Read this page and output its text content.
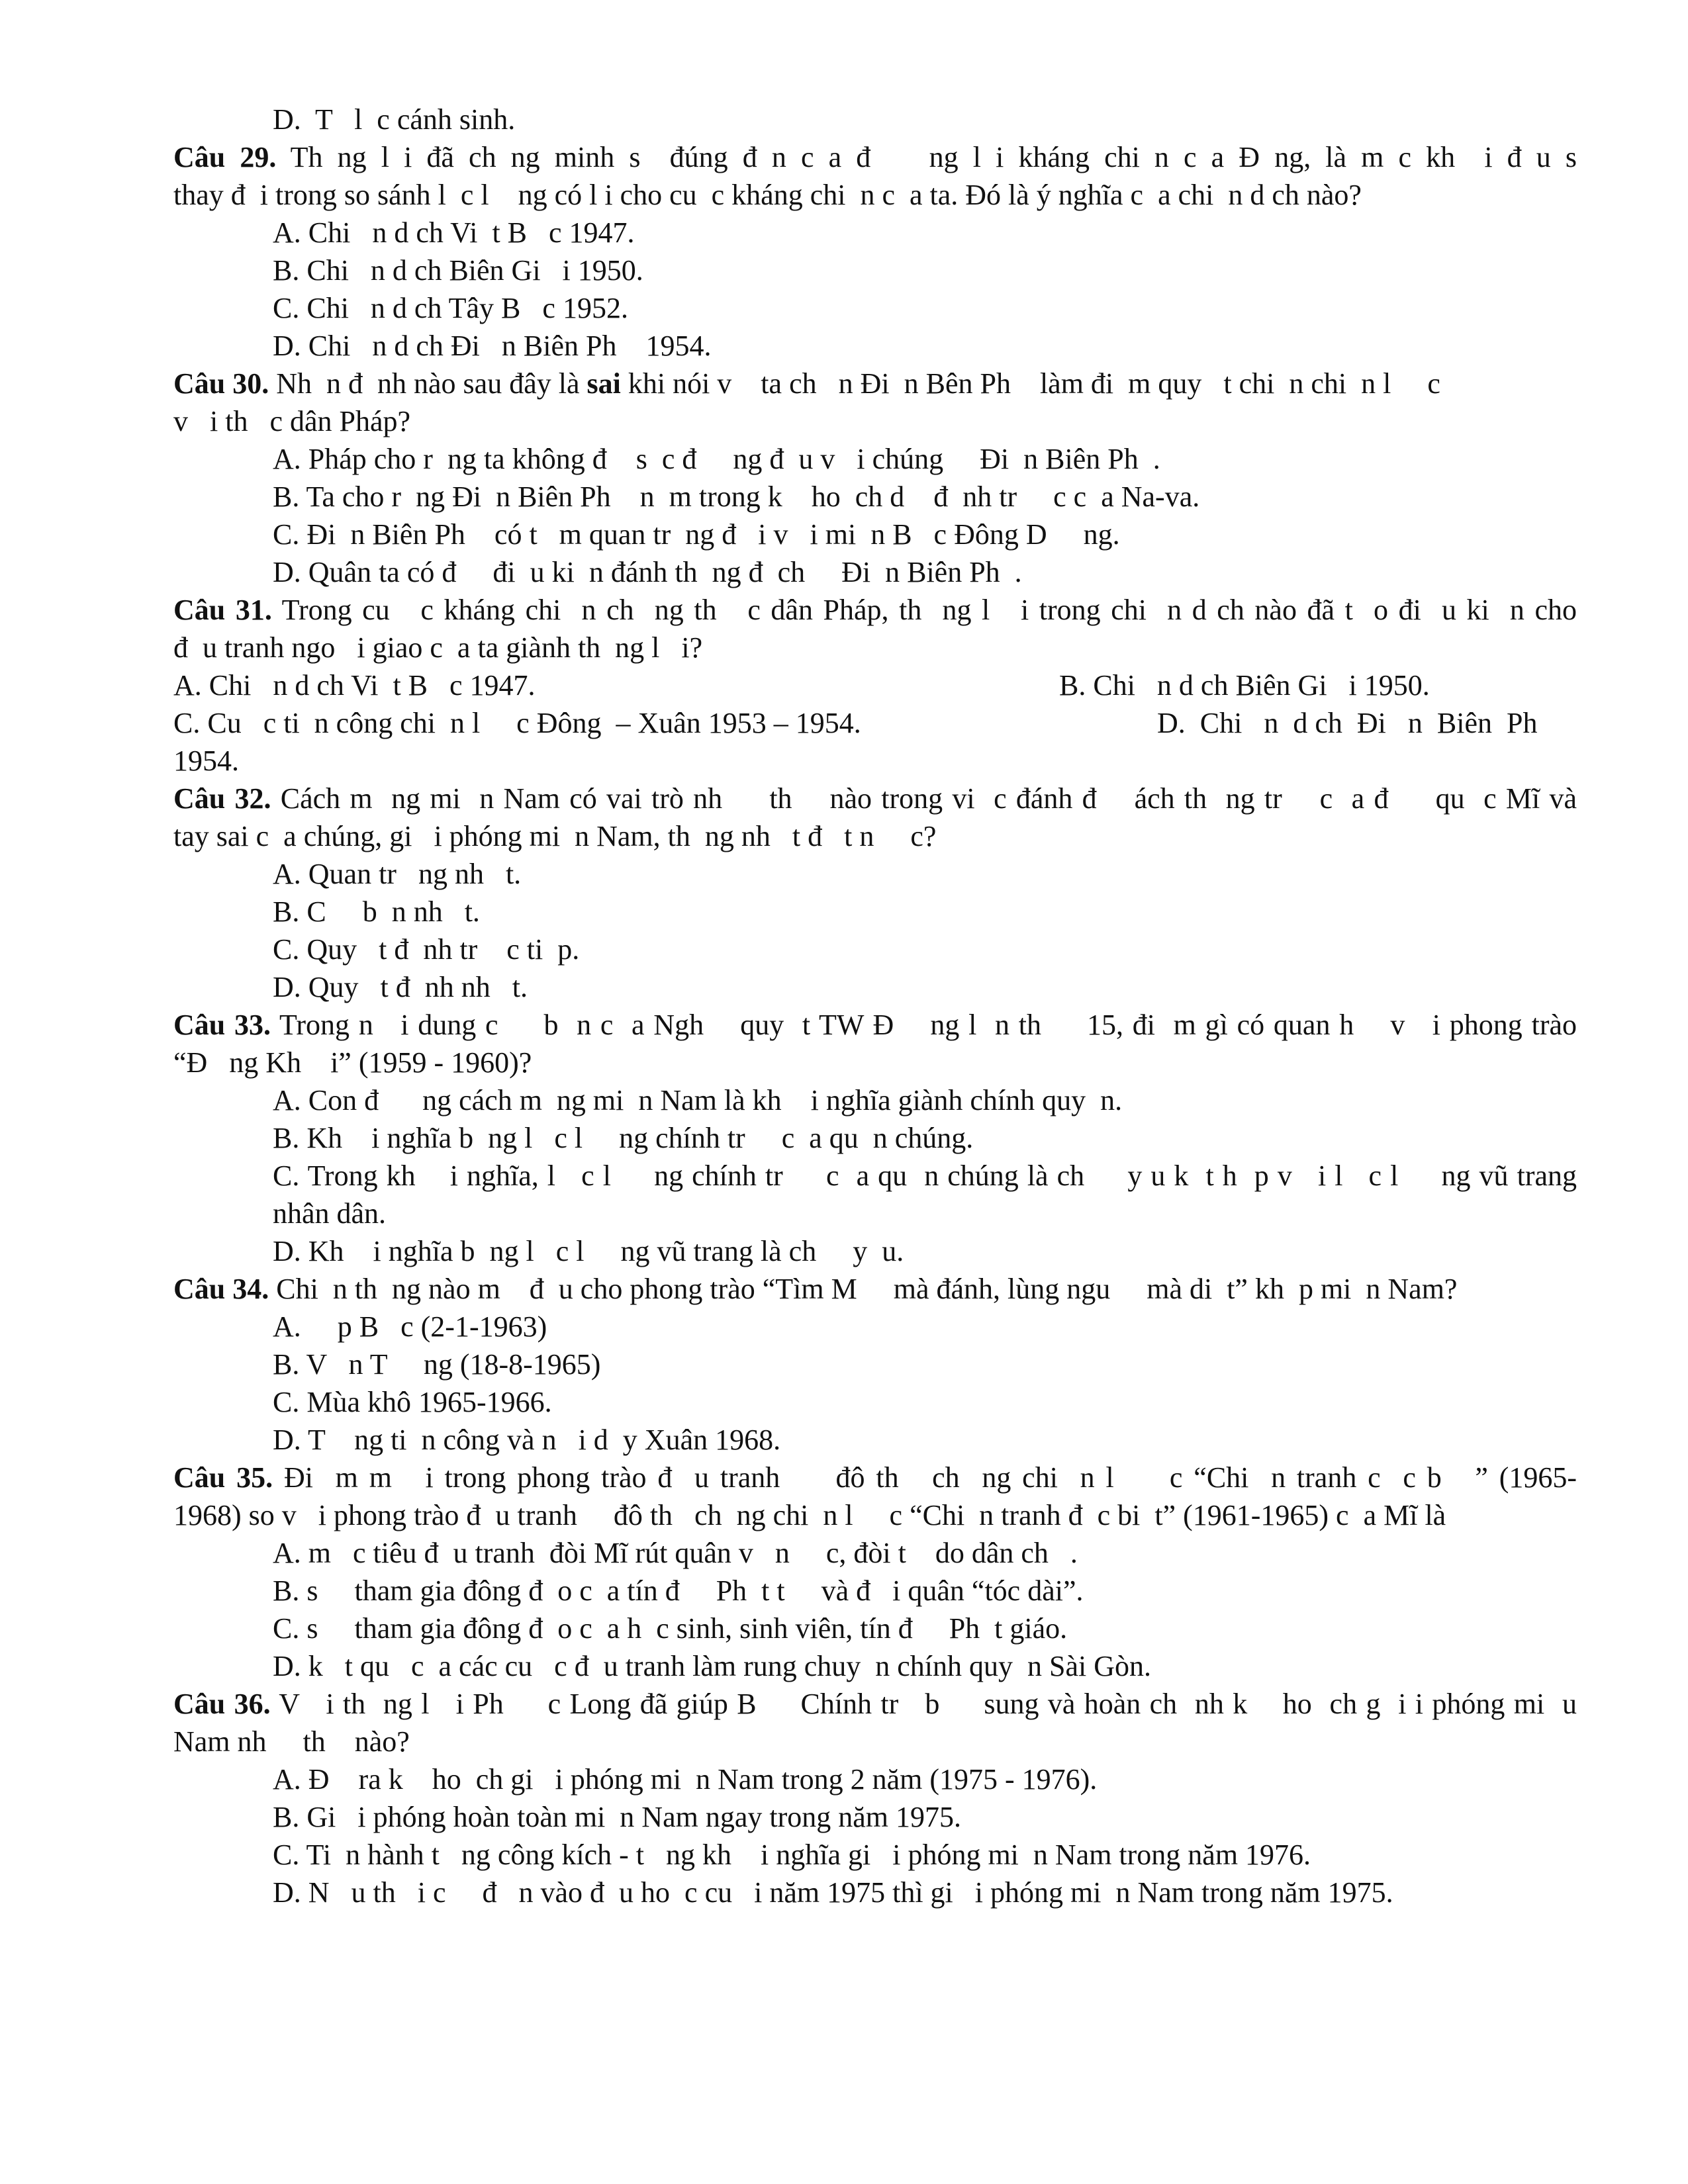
D.  T   l  c cánh sinh.
Câu 29. Th ng l i đã ch ng minh s  đúng đ n c a đ    ng l i kháng chi n c a Đ ng, là m c kh  i đ u s
thay đ  i trong so sánh l  c l    ng có l i cho cu  c kháng chi  n c  a ta. Đó là ý nghĩa c  a chi  n d ch nào?
A. Chi   n d ch Vi  t B   c 1947.
B. Chi   n d ch Biên Gi   i 1950.
C. Chi   n d ch Tây B   c 1952.
D. Chi   n d ch Đi   n Biên Ph    1954.
Câu 30. Nh  n đ  nh nào sau đây là sai khi nói v    ta ch   n Đi  n Bên Ph    làm đi  m quy   t chi  n chi  n l     c
v   i th   c dân Pháp?
A. Pháp cho r  ng ta không đ    s  c đ     ng đ  u v   i chúng     Đi  n Biên Ph  .
B. Ta cho r  ng Đi  n Biên Ph    n  m trong k    ho  ch d    đ  nh tr     c c  a Na-va.
C. Đi  n Biên Ph    có t   m quan tr  ng đ   i v   i mi  n B   c Đông D     ng.
D. Quân ta có đ     đi  u ki  n đánh th  ng đ  ch     Đi  n Biên Ph  .
Câu 31. Trong cu   c kháng chi  n ch  ng th   c dân Pháp, th  ng l   i trong chi  n d ch nào đã t  o đi  u ki  n cho
đ  u tranh ngo   i giao c  a ta giành th  ng l   i?
A. Chi   n d ch Vi  t B   c 1947.	B. Chi   n d ch Biên Gi   i 1950.
C. Cu   c ti  n công chi  n l     c Đông  – Xuân 1953 – 1954.	D.  Chi   n  d ch  Đi   n  Biên  Ph
1954.
Câu 32. Cách m  ng mi  n Nam có vai trò nh     th    nào trong vi  c đánh đ    ách th  ng tr    c  a đ     qu  c Mĩ và
tay sai c  a chúng, gi   i phóng mi  n Nam, th  ng nh   t đ   t n     c?
A. Quan tr   ng nh   t.
B. C     b  n nh   t.
C. Quy   t đ  nh tr    c ti  p.
D. Quy   t đ  nh nh   t.
Câu 33. Trong n   i dung c     b  n c  a Ngh    quy  t TW Đ    ng l  n th     15, đi  m gì có quan h    v   i phong trào
“Đ   ng Kh    i” (1959 - 1960)?
A. Con đ      ng cách m  ng mi  n Nam là kh    i nghĩa giành chính quy  n.
B. Kh    i nghĩa b  ng l   c l     ng chính tr     c  a qu  n chúng.
C. Trong kh    i nghĩa, l   c l     ng chính tr     c  a qu  n chúng là ch     y u k  t h  p v   i l   c l     ng vũ trang
nhân dân.
D. Kh    i nghĩa b  ng l   c l     ng vũ trang là ch     y  u.
Câu 34. Chi  n th  ng nào m    đ  u cho phong trào “Tìm M     mà đánh, lùng ngu     mà di  t” kh  p mi  n Nam?
A.     p B   c (2-1-1963)
B. V   n T     ng (18-8-1965)
C. Mùa khô 1965-1966.
D. T    ng ti  n công và n   i d  y Xuân 1968.
Câu 35. Đi  m m   i trong phong trào đ  u tranh     đô th   ch  ng chi  n l     c “Chi  n tranh c  c b   ” (1965-
1968) so v   i phong trào đ  u tranh     đô th   ch  ng chi  n l     c “Chi  n tranh đ  c bi  t” (1961-1965) c  a Mĩ là
A. m   c tiêu đ  u tranh  đòi Mĩ rút quân v   n     c, đòi t    do dân ch   .
B. s     tham gia đông đ  o c  a tín đ     Ph  t t     và đ   i quân “tóc dài”.
C. s     tham gia đông đ  o c  a h  c sinh, sinh viên, tín đ     Ph  t giáo.
D. k   t qu   c  a các cu   c đ  u tranh làm rung chuy  n chính quy  n Sài Gòn.
Câu 36. V   i th  ng l   i Ph     c Long đã giúp B     Chính tr   b     sung và hoàn ch  nh k    ho  ch g  i i phóng mi  u
Nam nh     th    nào?
A. Đ    ra k    ho  ch gi   i phóng mi  n Nam trong 2 năm (1975 - 1976).
B. Gi   i phóng hoàn toàn mi  n Nam ngay trong năm 1975.
C. Ti  n hành t   ng công kích - t   ng kh    i nghĩa gi   i phóng mi  n Nam trong năm 1976.
D. N   u th   i c     đ   n vào đ  u ho  c cu   i năm 1975 thì gi   i phóng mi  n Nam trong năm 1975.
